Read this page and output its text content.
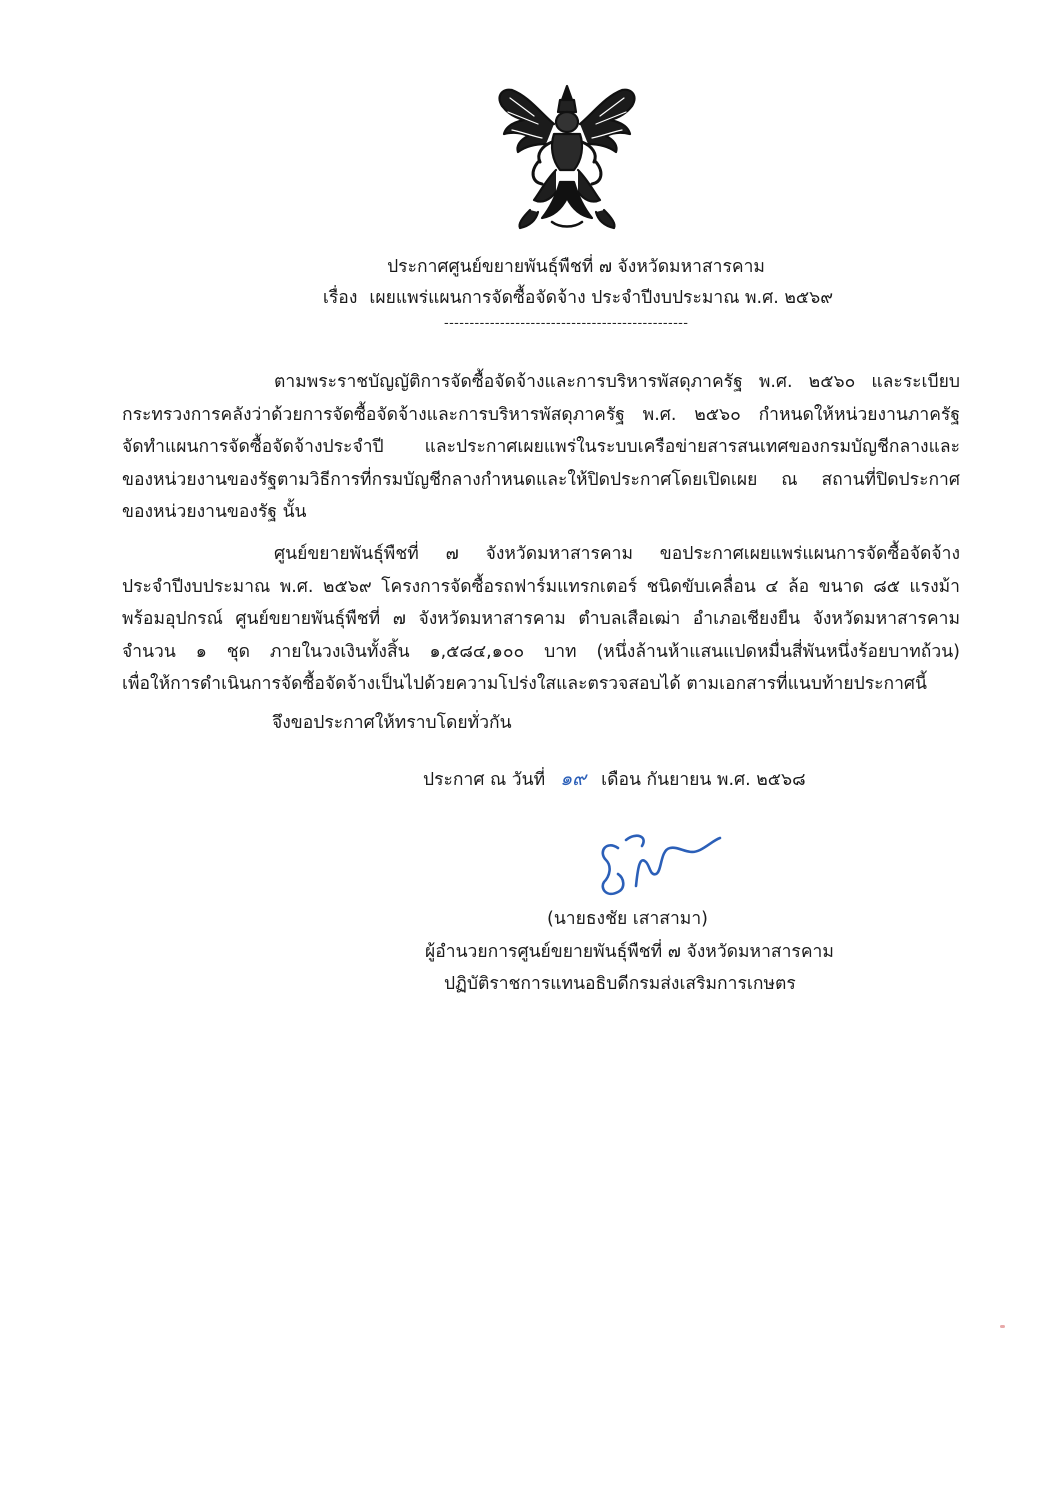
ประกาศศูนย์ขยายพันธุ์พืชที่ ๗ จังหวัดมหาสารคาม
เรื่อง เผยแพร่แผนการจัดซื้อจัดจ้าง ประจำปีงบประมาณ พ.ศ. ๒๕๖๙
------------------------------------------------
ตามพระราชบัญญัติการจัดซื้อจัดจ้างและการบริหารพัสดุภาครัฐ พ.ศ. ๒๕๖๐ และระเบียบ
กระทรวงการคลังว่าด้วยการจัดซื้อจัดจ้างและการบริหารพัสดุภาครัฐ พ.ศ. ๒๕๖๐ กำหนดให้หน่วยงานภาครัฐ
จัดทำแผนการจัดซื้อจัดจ้างประจำปี และประกาศเผยแพร่ในระบบเครือข่ายสารสนเทศของกรมบัญชีกลางและ
ของหน่วยงานของรัฐตามวิธีการที่กรมบัญชีกลางกำหนดและให้ปิดประกาศโดยเปิดเผย ณ สถานที่ปิดประกาศ
ของหน่วยงานของรัฐ นั้น
ศูนย์ขยายพันธุ์พืชที่ ๗ จังหวัดมหาสารคาม ขอประกาศเผยแพร่แผนการจัดซื้อจัดจ้าง
ประจำปีงบประมาณ พ.ศ. ๒๕๖๙ โครงการจัดซื้อรถฟาร์มแทรกเตอร์ ชนิดขับเคลื่อน ๔ ล้อ ขนาด ๘๕ แรงม้า
พร้อมอุปกรณ์ ศูนย์ขยายพันธุ์พืชที่ ๗ จังหวัดมหาสารคาม ตำบลเสือเฒ่า อำเภอเชียงยืน จังหวัดมหาสารคาม
จำนวน ๑ ชุด ภายในวงเงินทั้งสิ้น ๑,๕๘๔,๑๐๐ บาท (หนึ่งล้านห้าแสนแปดหมื่นสี่พันหนึ่งร้อยบาทถ้วน)
เพื่อให้การดำเนินการจัดซื้อจัดจ้างเป็นไปด้วยความโปร่งใสและตรวจสอบได้ ตามเอกสารที่แนบท้ายประกาศนี้
จึงขอประกาศให้ทราบโดยทั่วกัน
ประกาศ ณ วันที่ ๑๙ เดือน กันยายน พ.ศ. ๒๕๖๘
(นายธงชัย เสาสามา)
ผู้อำนวยการศูนย์ขยายพันธุ์พืชที่ ๗ จังหวัดมหาสารคาม
ปฏิบัติราชการแทนอธิบดีกรมส่งเสริมการเกษตร
